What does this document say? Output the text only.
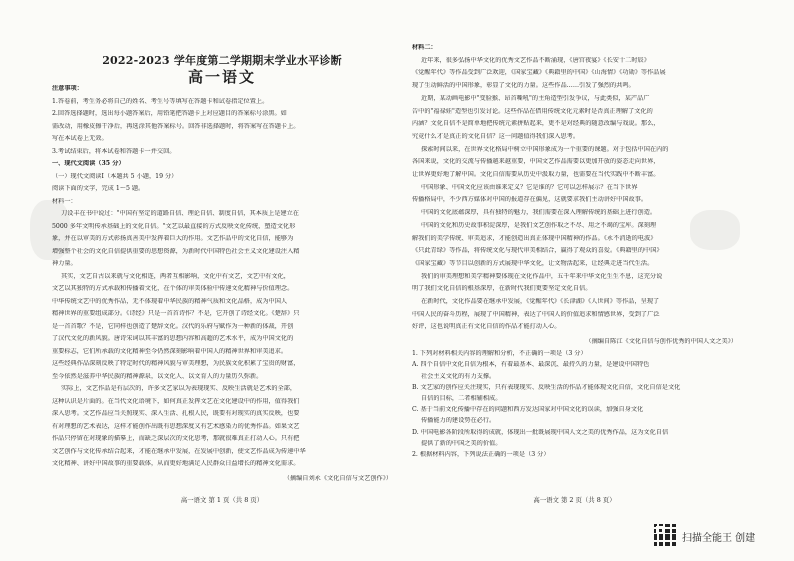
2022-2023 学年度第二学期期末学业水平诊断
高一语文
注意事项：
1.答卷前，考生务必将自己的姓名、考生号等填写在答题卡和试卷指定位置上。
2.回答选择题时，选出每小题答案后，用铅笔把答题卡上对应题目的答案标号涂黑。如
需改动，用橡皮擦干净后，再选涂其他答案标号。回答非选择题时，将答案写在答题卡上。
写在本试卷上无效。
3.考试结束后，将本试卷和答题卡一并交回。
一、现代文阅读（35 分）
（一）现代文阅读Ⅰ（本题共 5 小题，19 分）
阅读下面的文字，完成 1～5 题。
材料一：
刀设丰在书中说过："中国有坚定的道路自信、理论自信、制度自信，其本质上是建立在
5000 多年文明传承基础上的文化自信。"文艺以最直接的方式反映文化传统，塑造文化形
象，并在以审美的方式彰扬真善美中发挥着巨大的作用。文艺作品中的文化自信，能够为
增强整个社会的文化自信提供重要的思想资源，为新时代中国特色社会主义文化建设注入精
神力量。
其实，文艺自古以来就与文化相连，两者互相影响，文化中有文艺，文艺中有文化，
文艺以其独特的方式承载和传播着文化，在个体的审美体验中传递文化精神与价值理念。
中华传统文艺中的优秀作品，无不体现着中华民族的精神气质和文化品格，成为中国人
精神世界的重要组成部分。《诗经》只是一首首诗作？不是，它开创了诗经文化。《楚辞》只
是一首首歌？不是，它同样也创造了楚辞文化。汉代的乐府与赋作为一种新的体裁，开创
了汉代文化的新风貌。唐诗宋词以其丰富的思想内容和高超的艺术水平，成为中国文化的
重要标志，它们所承载的文化精神至今仍然深刻影响着中国人的精神世界和审美追求。
这些经典作品深刻反映了特定时代的精神风貌与审美理想，为民族文化积累了宝贵的财富，
至今依然是滋养中华民族的精神源泉，以文化人、以文育人的力量历久弥新。
实际上，文艺作品是有层次的，许多文艺家以为表现现实、反映生活就是艺术的全部，
这种认识是片面的。在当代文化语境下，如何真正发挥文艺在文化建设中的作用，值得我们
深入思考。文艺作品应当关照现实、深入生活、扎根人民，既要有对现实的真实反映，也要
有对理想的艺术表达，这样才能创作出既有思想深度又有艺术感染力的优秀作品。如果文艺
作品只停留在对现象的描摹上，而缺乏深层次的文化思考，那就很难真正打动人心。只有把
文艺创作与文化传承结合起来，才能在继承中发展，在发展中创新，使文艺作品成为传递中华
文化精神、讲好中国故事的重要载体，从而更好地满足人民群众日益增长的精神文化需求。
（摘编自刘永《文化自信与文艺创作》）
高一语文 第 1 页（共 8 页）
材料二：
近年来，很多弘扬中华文化的优秀文艺作品不断涌现，《唐宫夜宴》《长安十二时辰》
《觉醒年代》等作品受到广泛欢迎，《国家宝藏》《典籍里的中国》《山海情》《功勋》等作品展
现了生动鲜活的中国形象，彰显了文化的力量。这些作品……引发了强烈的共鸣。
近期，某动画电影中"变脸猴、昂首嘶吼"的主角造型引发争议，与此类似，某产品广
告中的"福禄娃"造型也引发讨论。这些作品在借用传统文化元素时是否真正理解了文化的
内涵？文化自信不是简单地把传统元素拼贴起来，更不是对经典的随意改编与戏说。那么，
究竟什么才是真正的文化自信？这一问题值得我们深入思考。
探索时间以来，在世界文化格局中树立中国形象成为一个重要的课题。对于包括中国在内的
各国来说，文化的交流与传播越来越重要，中国文艺作品需要以更加开放的姿态走向世界，
让世界更好地了解中国。文化自信需要从历史中汲取力量，也需要在当代实践中不断丰富。
中国形象、中国文化应该由谁来定义？它是谁的？它可以怎样展示？在当下世界
传播格局中，不少西方媒体对中国的报道存在偏见，这就要求我们主动讲好中国故事。
中国的文化底蕴深厚，具有独特的魅力，我们需要在深入理解传统的基础上进行创造。
中国的文化和历史故事积淀深厚，是我们文艺创作取之不尽、用之不竭的宝库。深刻理
解我们的美学传统、审美追求，才能创造出真正体现中国精神的作品。《永不消逝的电波》
《只此青绿》等作品，将传统文化与现代审美相结合，赢得了观众的喜爱。《典籍里的中国》
《国家宝藏》等节目以创新的方式展现中华文化，让文物活起来，让经典走进当代生活。
我们的审美理想和美学精神要体现在文化作品中，五千年来中华文化生生不息，这充分说
明了我们文化自信的根基深厚，在新时代我们更要坚定文化自信。
在新时代，文化作品要在继承中发展，《觉醒年代》《长津湖》《人世间》等作品，呈现了
中国人民的奋斗历程，展现了中国精神，表达了中国人的价值追求和情感世界，受到了广泛
好评，这也说明真正有文化自信的作品才能打动人心。
（摘编自陈江《文化自信与创作优秀的中国人文之美》）
1. 下列对材料相关内容的理解和分析，不正确的一项是（3 分）
A. 四个自信中文化自信为根本，有着最基本、最深沉、最持久的力量，是建设中国特色
社会主义文化的有力支撑。
B. 文艺家的创作应关注现实，只有表现现实、反映生活的作品才能体现文化自信，文化自信是文化
自信的目标，二者相辅相成。
C. 基于当前文化传播中存在的问题和西方发达国家对中国文化的误读，加强自身文化
传播能力的建设势在必行。
D. 中国电影各阶段所取得的成就，体现出一批既展现中国人文之美的优秀作品，这为文化自信
提供了新的中国之美的价值。
2. 根据材料内容，下列说法正确的一项是（3 分）
高一语文 第 2 页（共 8 页）
扫描全能王 创建
